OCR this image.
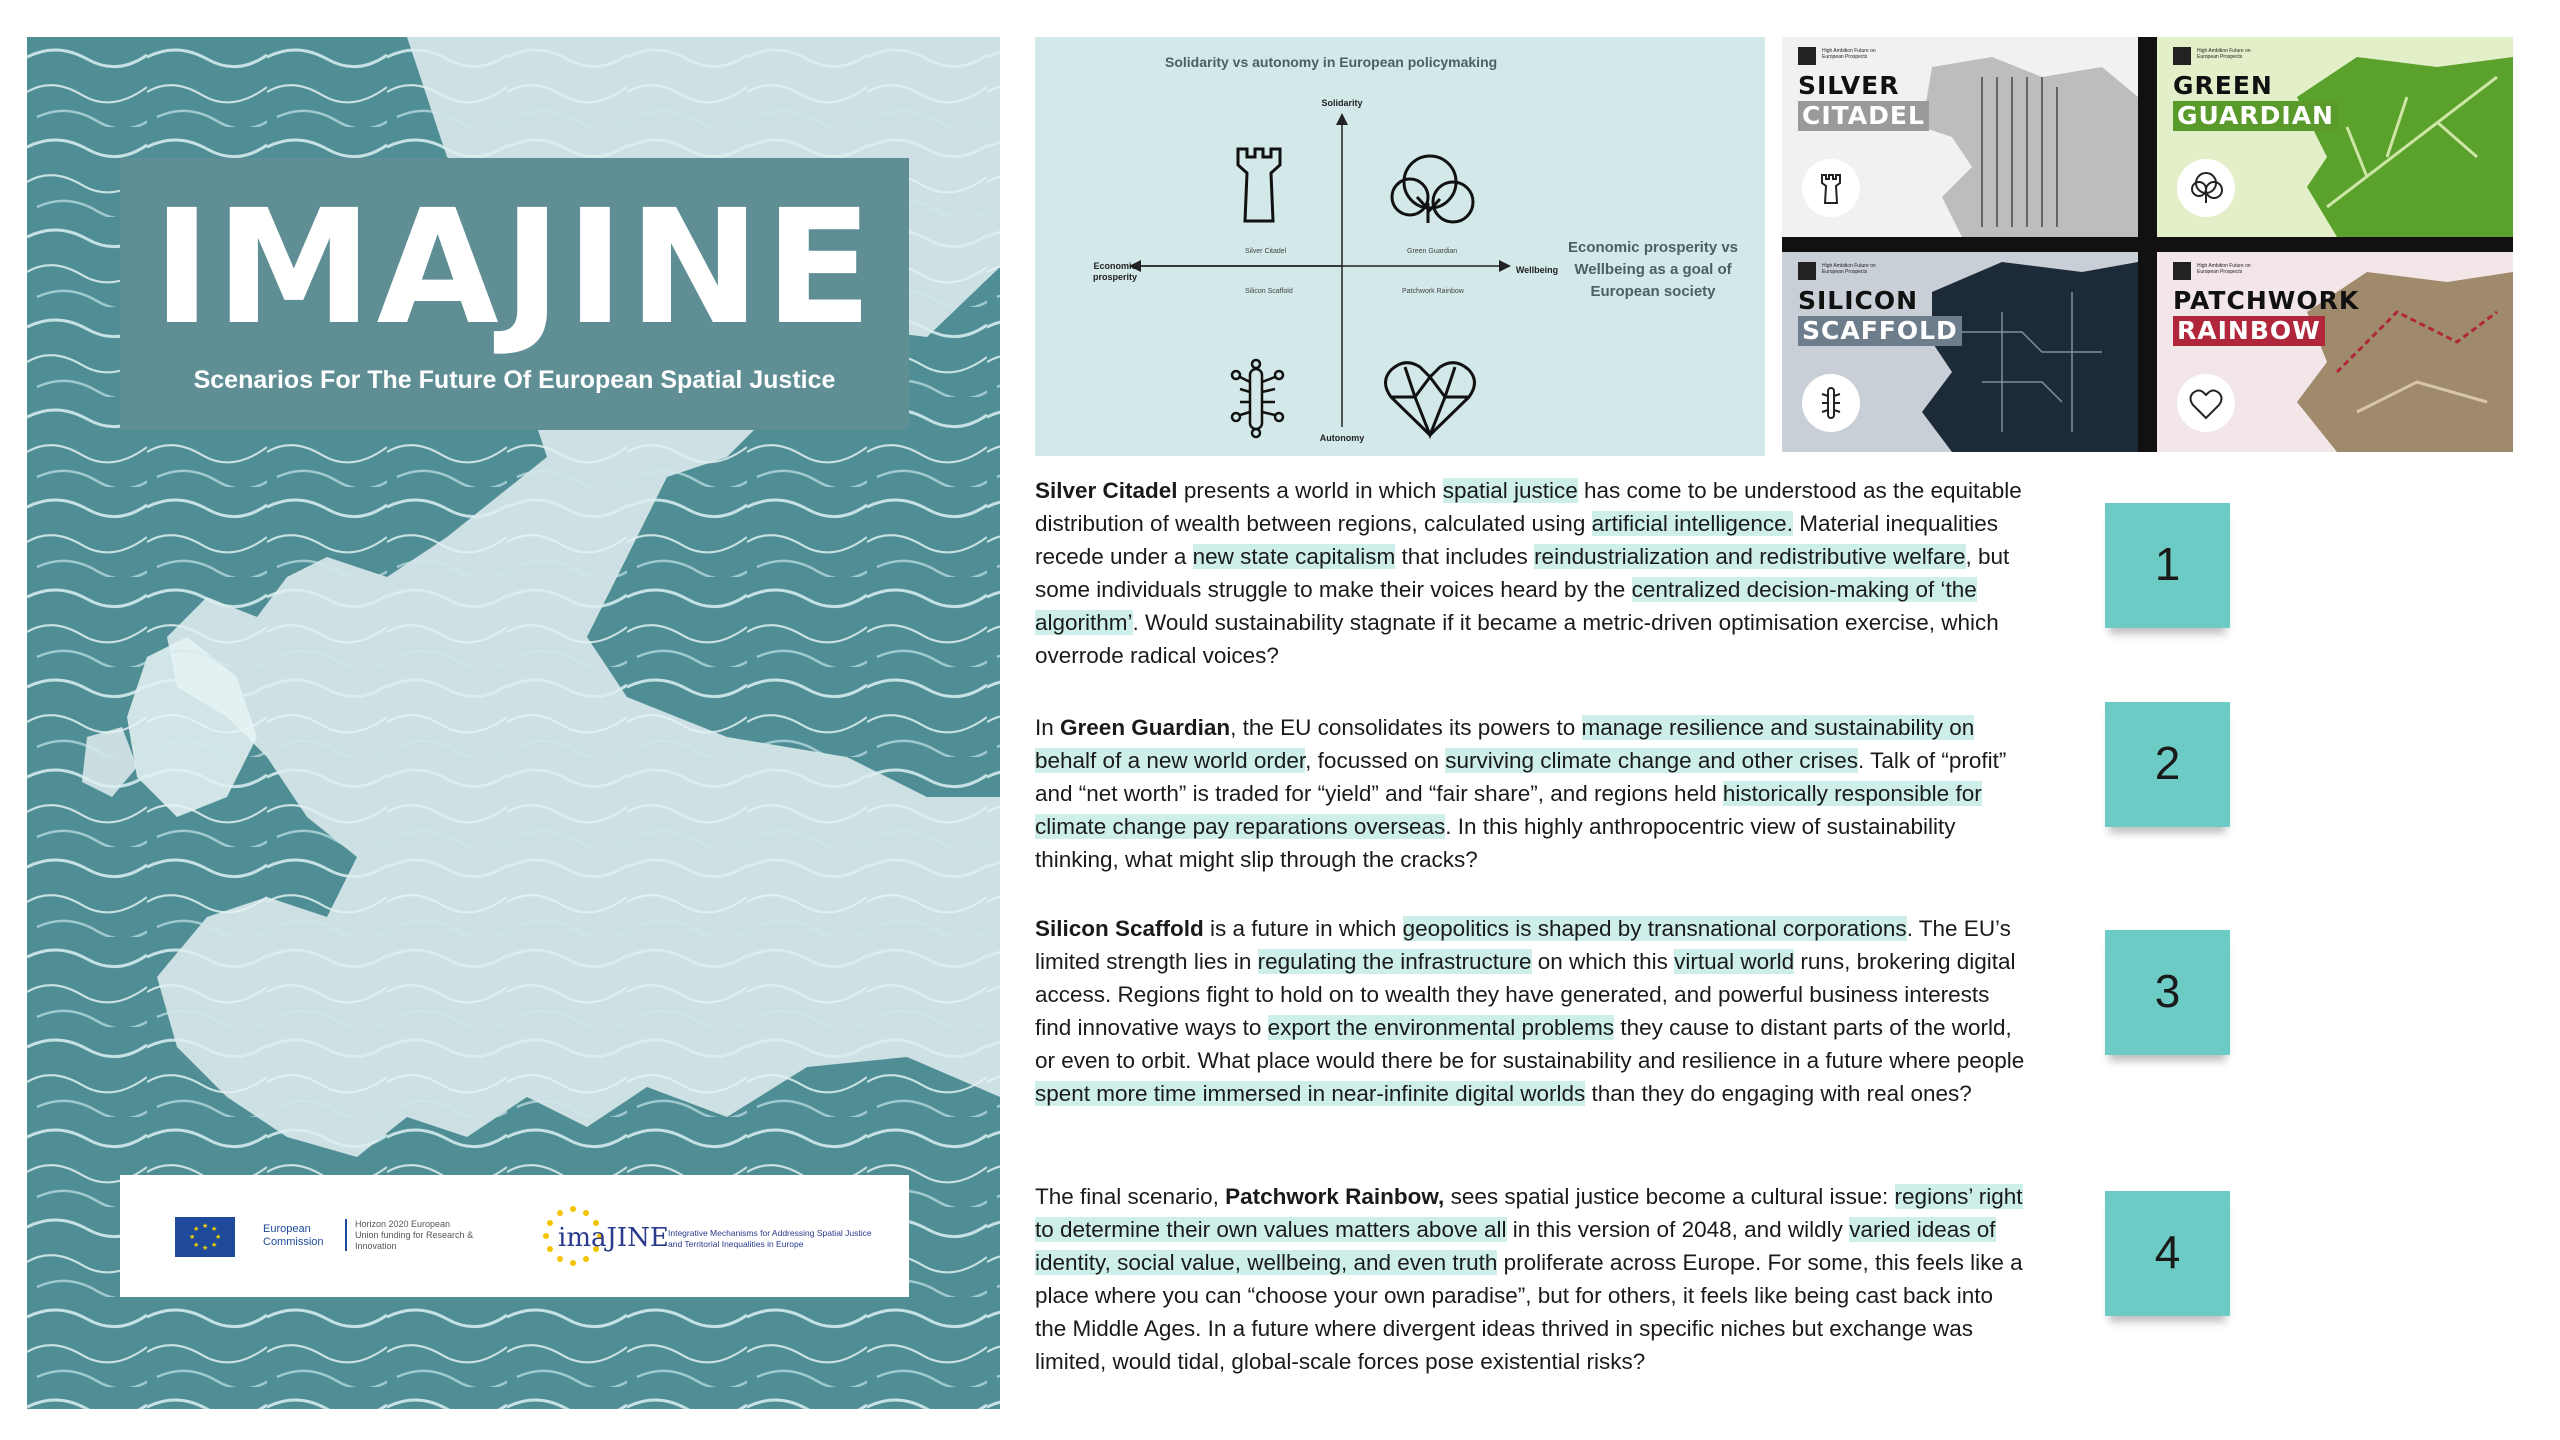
IMAJINE
Scenarios For The Future Of European Spatial Justice
★ ★
★
★
★
★
★
★	European Commission
Horizon 2020 European Union funding for Research & Innovation	imaJINE Integrative Mechanisms for Addressing Spatial Justice and Territorial Inequalities in Europe
Solidarity vs autonomy in European policymaking
Solidarity
Autonomy
Economic prosperity
Wellbeing
Silver Citadel	Green Guardian
Silicon Scaffold	Patchwork Rainbow
Economic prosperity vs Wellbeing as a goal of European society
High Ambition Future on European Prospects
SILVER
CITADEL
High Ambition Future on European Prospects
GREEN
GUARDIAN
High Ambition Future on European Prospects
SILICON
SCAFFOLD
High Ambition Future on European Prospects
PATCHWORK
RAINBOW
Silver Citadel presents a world in which spatial justice has come to be understood as the equitable distribution of wealth between regions, calculated using artificial intelligence. Material inequalities recede under a new state capitalism that includes reindustrialization and redistributive welfare, but some individuals struggle to make their voices heard by the centralized decision-making of ‘the algorithm’. Would sustainability stagnate if it became a metric-driven optimisation exercise, which overrode radical voices?
In Green Guardian, the EU consolidates its powers to manage resilience and sustainability on behalf of a new world order, focussed on surviving climate change and other crises. Talk of “profit” and “net worth” is traded for “yield” and “fair share”, and regions held historically responsible for climate change pay reparations overseas. In this highly anthropocentric view of sustainability thinking, what might slip through the cracks?
Silicon Scaffold is a future in which geopolitics is shaped by transnational corporations. The EU’s limited strength lies in regulating the infrastructure on which this virtual world runs, brokering digital access. Regions fight to hold on to wealth they have generated, and powerful business interests find innovative ways to export the environmental problems they cause to distant parts of the world, or even to orbit. What place would there be for sustainability and resilience in a future where people spent more time immersed in near-infinite digital worlds than they do engaging with real ones?
The final scenario, Patchwork Rainbow, sees spatial justice become a cultural issue: regions’ right to determine their own values matters above all in this version of 2048, and wildly varied ideas of identity, social value, wellbeing, and even truth proliferate across Europe. For some, this feels like a place where you can “choose your own paradise”, but for others, it feels like being cast back into the Middle Ages. In a future where divergent ideas thrived in specific niches but exchange was limited, would tidal, global-scale forces pose existential risks?
1
2
3
4
